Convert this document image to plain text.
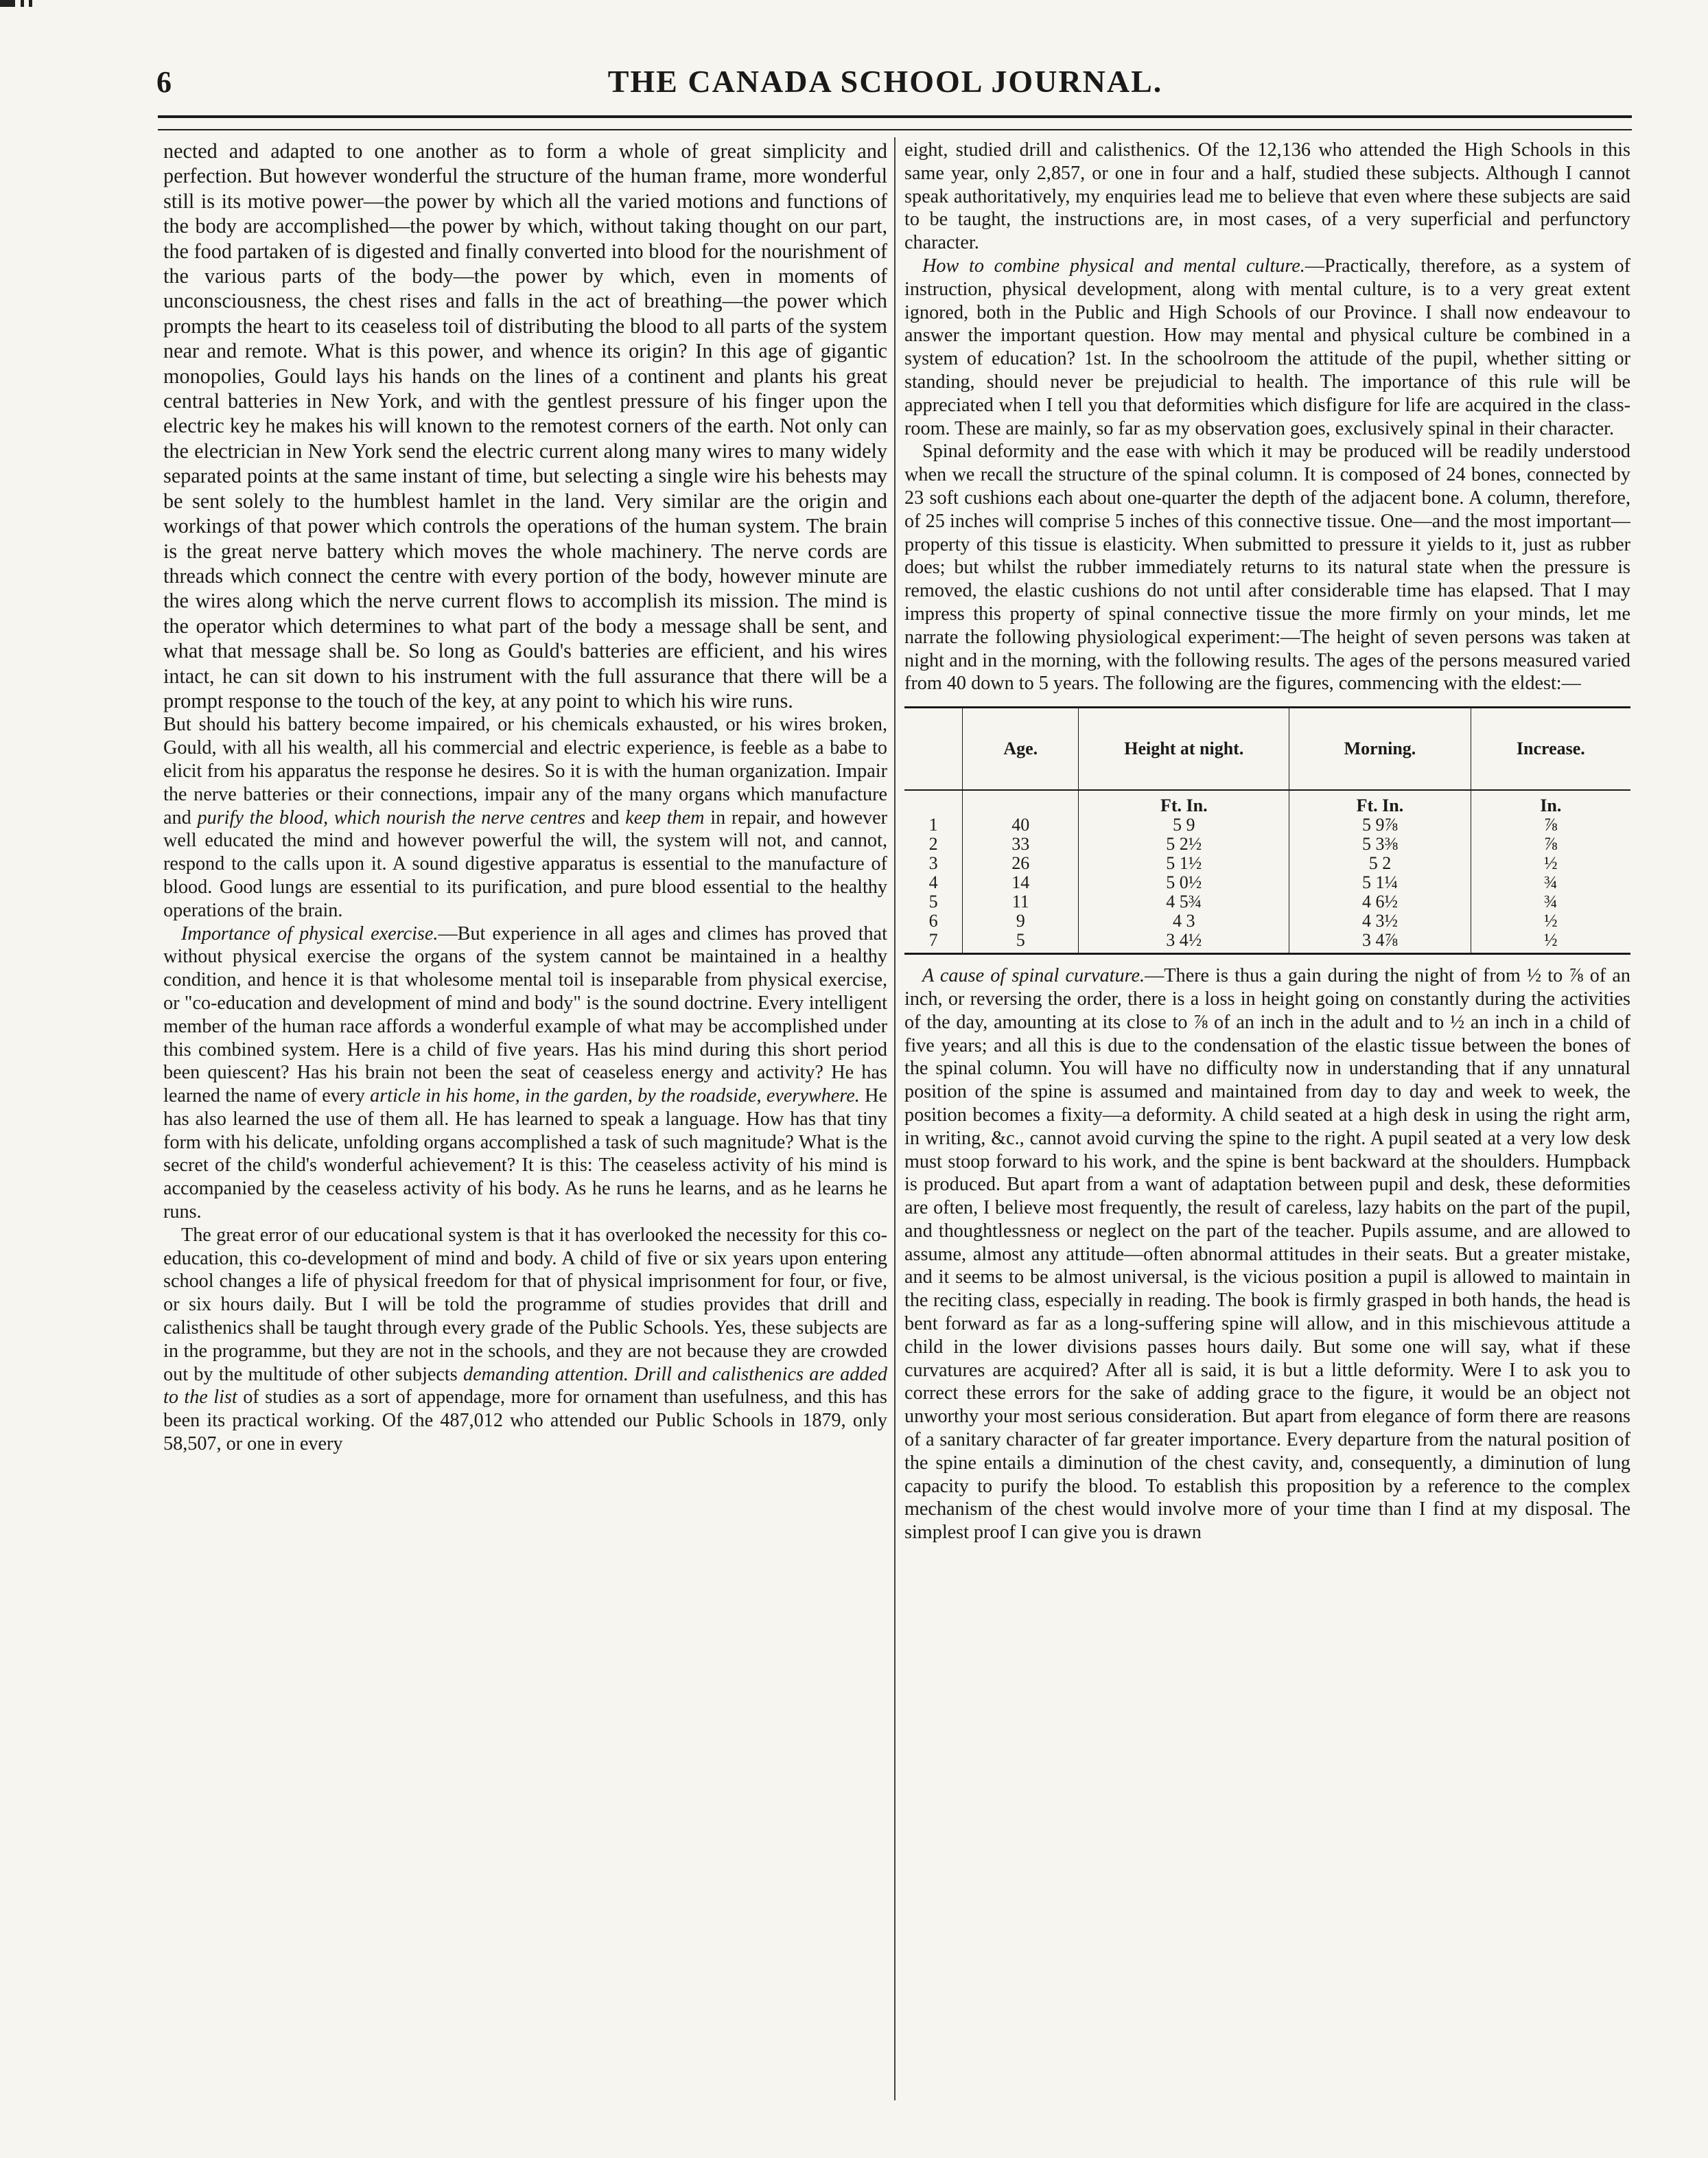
6	THE CANADA SCHOOL JOURNAL.

nected and adapted to one another as to form a whole of great simplicity and perfection. But however wonderful the structure of the human frame, more wonderful still is its motive power—the power by which all the varied motions and functions of the body are accomplished—the power by which, without taking thought on our part, the food partaken of is digested and finally converted into blood for the nourishment of the various parts of the body—the power by which, even in moments of unconsciousness, the chest rises and falls in the act of breathing—the power which prompts the heart to its ceaseless toil of distributing the blood to all parts of the system near and remote. What is this power, and whence its origin? In this age of gigantic monopolies, Gould lays his hands on the lines of a continent and plants his great central batteries in New York, and with the gentlest pressure of his finger upon the electric key he makes his will known to the remotest corners of the earth. Not only can the electrician in New York send the electric current along many wires to many widely separated points at the same instant of time, but selecting a single wire his behests may be sent solely to the humblest hamlet in the land. Very similar are the origin and workings of that power which controls the operations of the human system. The brain is the great nerve battery which moves the whole machinery. The nerve cords are threads which connect the centre with every portion of the body, however minute are the wires along which the nerve current flows to accomplish its mission. The mind is the operator which determines to what part of the body a message shall be sent, and what that message shall be. So long as Gould's batteries are efficient, and his wires intact, he can sit down to his instrument with the full assurance that there will be a prompt response to the touch of the key, at any point to which his wire runs.

But should his battery become impaired, or his chemicals exhausted, or his wires broken, Gould, with all his wealth, all his commercial and electric experience, is feeble as a babe to elicit from his apparatus the response he desires. So it is with the human organization. Impair the nerve batteries or their connections, impair any of the many organs which manufacture and purify the blood, which nourish the nerve centres and keep them in repair, and however well educated the mind and however powerful the will, the system will not, and cannot, respond to the calls upon it. A sound digestive apparatus is essential to the manufacture of blood. Good lungs are essential to its purification, and pure blood essential to the healthy operations of the brain.

Importance of physical exercise.—But experience in all ages and climes has proved that without physical exercise the organs of the system cannot be maintained in a healthy condition, and hence it is that wholesome mental toil is inseparable from physical exercise, or "co-education and development of mind and body" is the sound doctrine. Every intelligent member of the human race affords a wonderful example of what may be accomplished under this combined system. Here is a child of five years. Has his mind during this short period been quiescent? Has his brain not been the seat of ceaseless energy and activity? He has learned the name of every article in his home, in the garden, by the roadside, everywhere. He has also learned the use of them all. He has learned to speak a language. How has that tiny form with his delicate, unfolding organs accomplished a task of such magnitude? What is the secret of the child's wonderful achievement? It is this: The ceaseless activity of his mind is accompanied by the ceaseless activity of his body. As he runs he learns, and as he learns he runs.

The great error of our educational system is that it has overlooked the necessity for this co-education, this co-development of mind and body. A child of five or six years upon entering school changes a life of physical freedom for that of physical imprisonment for four, or five, or six hours daily. But I will be told the programme of studies provides that drill and calisthenics shall be taught through every grade of the Public Schools. Yes, these subjects are in the programme, but they are not in the schools, and they are not because they are crowded out by the multitude of other subjects demanding attention. Drill and calisthenics are added to the list of studies as a sort of appendage, more for ornament than usefulness, and this has been its practical working. Of the 487,012 who attended our Public Schools in 1879, only 58,507, or one in every

eight, studied drill and calisthenics. Of the 12,136 who attended the High Schools in this same year, only 2,857, or one in four and a half, studied these subjects. Although I cannot speak authoritatively, my enquiries lead me to believe that even where these subjects are said to be taught, the instructions are, in most cases, of a very superficial and perfunctory character.

How to combine physical and mental culture.—Practically, therefore, as a system of instruction, physical development, along with mental culture, is to a very great extent ignored, both in the Public and High Schools of our Province. I shall now endeavour to answer the important question. How may mental and physical culture be combined in a system of education? 1st. In the schoolroom the attitude of the pupil, whether sitting or standing, should never be prejudicial to health. The importance of this rule will be appreciated when I tell you that deformities which disfigure for life are acquired in the class-room. These are mainly, so far as my observation goes, exclusively spinal in their character.

Spinal deformity and the ease with which it may be produced will be readily understood when we recall the structure of the spinal column. It is composed of 24 bones, connected by 23 soft cushions each about one-quarter the depth of the adjacent bone. A column, therefore, of 25 inches will comprise 5 inches of this connective tissue. One—and the most important—property of this tissue is elasticity. When submitted to pressure it yields to it, just as rubber does; but whilst the rubber immediately returns to its natural state when the pressure is removed, the elastic cushions do not until after considerable time has elapsed. That I may impress this property of spinal connective tissue the more firmly on your minds, let me narrate the following physiological experiment:—The height of seven persons was taken at night and in the morning, with the following results. The ages of the persons measured varied from 40 down to 5 years. The following are the figures, commencing with the eldest:—

	Age.	Height at night.	Morning.	Increase.
		Ft. In.	Ft. In.	In.
1	40	5 9	5 9⅞	⅞
2	33	5 2½	5 3⅜	⅞
3	26	5 1½	5 2	½
4	14	5 0½	5 1¼	¾
5	11	4 5¾	4 6½	¾
6	9	4 3	4 3½	½
7	5	3 4½	3 4⅞	½

A cause of spinal curvature.—There is thus a gain during the night of from ½ to ⅞ of an inch, or reversing the order, there is a loss in height going on constantly during the activities of the day, amounting at its close to ⅞ of an inch in the adult and to ½ an inch in a child of five years; and all this is due to the condensation of the elastic tissue between the bones of the spinal column. You will have no difficulty now in understanding that if any unnatural position of the spine is assumed and maintained from day to day and week to week, the position becomes a fixity—a deformity. A child seated at a high desk in using the right arm, in writing, &c., cannot avoid curving the spine to the right. A pupil seated at a very low desk must stoop forward to his work, and the spine is bent backward at the shoulders. Humpback is produced. But apart from a want of adaptation between pupil and desk, these deformities are often, I believe most frequently, the result of careless, lazy habits on the part of the pupil, and thoughtlessness or neglect on the part of the teacher. Pupils assume, and are allowed to assume, almost any attitude—often abnormal attitudes in their seats. But a greater mistake, and it seems to be almost universal, is the vicious position a pupil is allowed to maintain in the reciting class, especially in reading. The book is firmly grasped in both hands, the head is bent forward as far as a long-suffering spine will allow, and in this mischievous attitude a child in the lower divisions passes hours daily. But some one will say, what if these curvatures are acquired? After all is said, it is but a little deformity. Were I to ask you to correct these errors for the sake of adding grace to the figure, it would be an object not unworthy your most serious consideration. But apart from elegance of form there are reasons of a sanitary character of far greater importance. Every departure from the natural position of the spine entails a diminution of the chest cavity, and, consequently, a diminution of lung capacity to purify the blood. To establish this proposition by a reference to the complex mechanism of the chest would involve more of your time than I find at my disposal. The simplest proof I can give you is drawn
